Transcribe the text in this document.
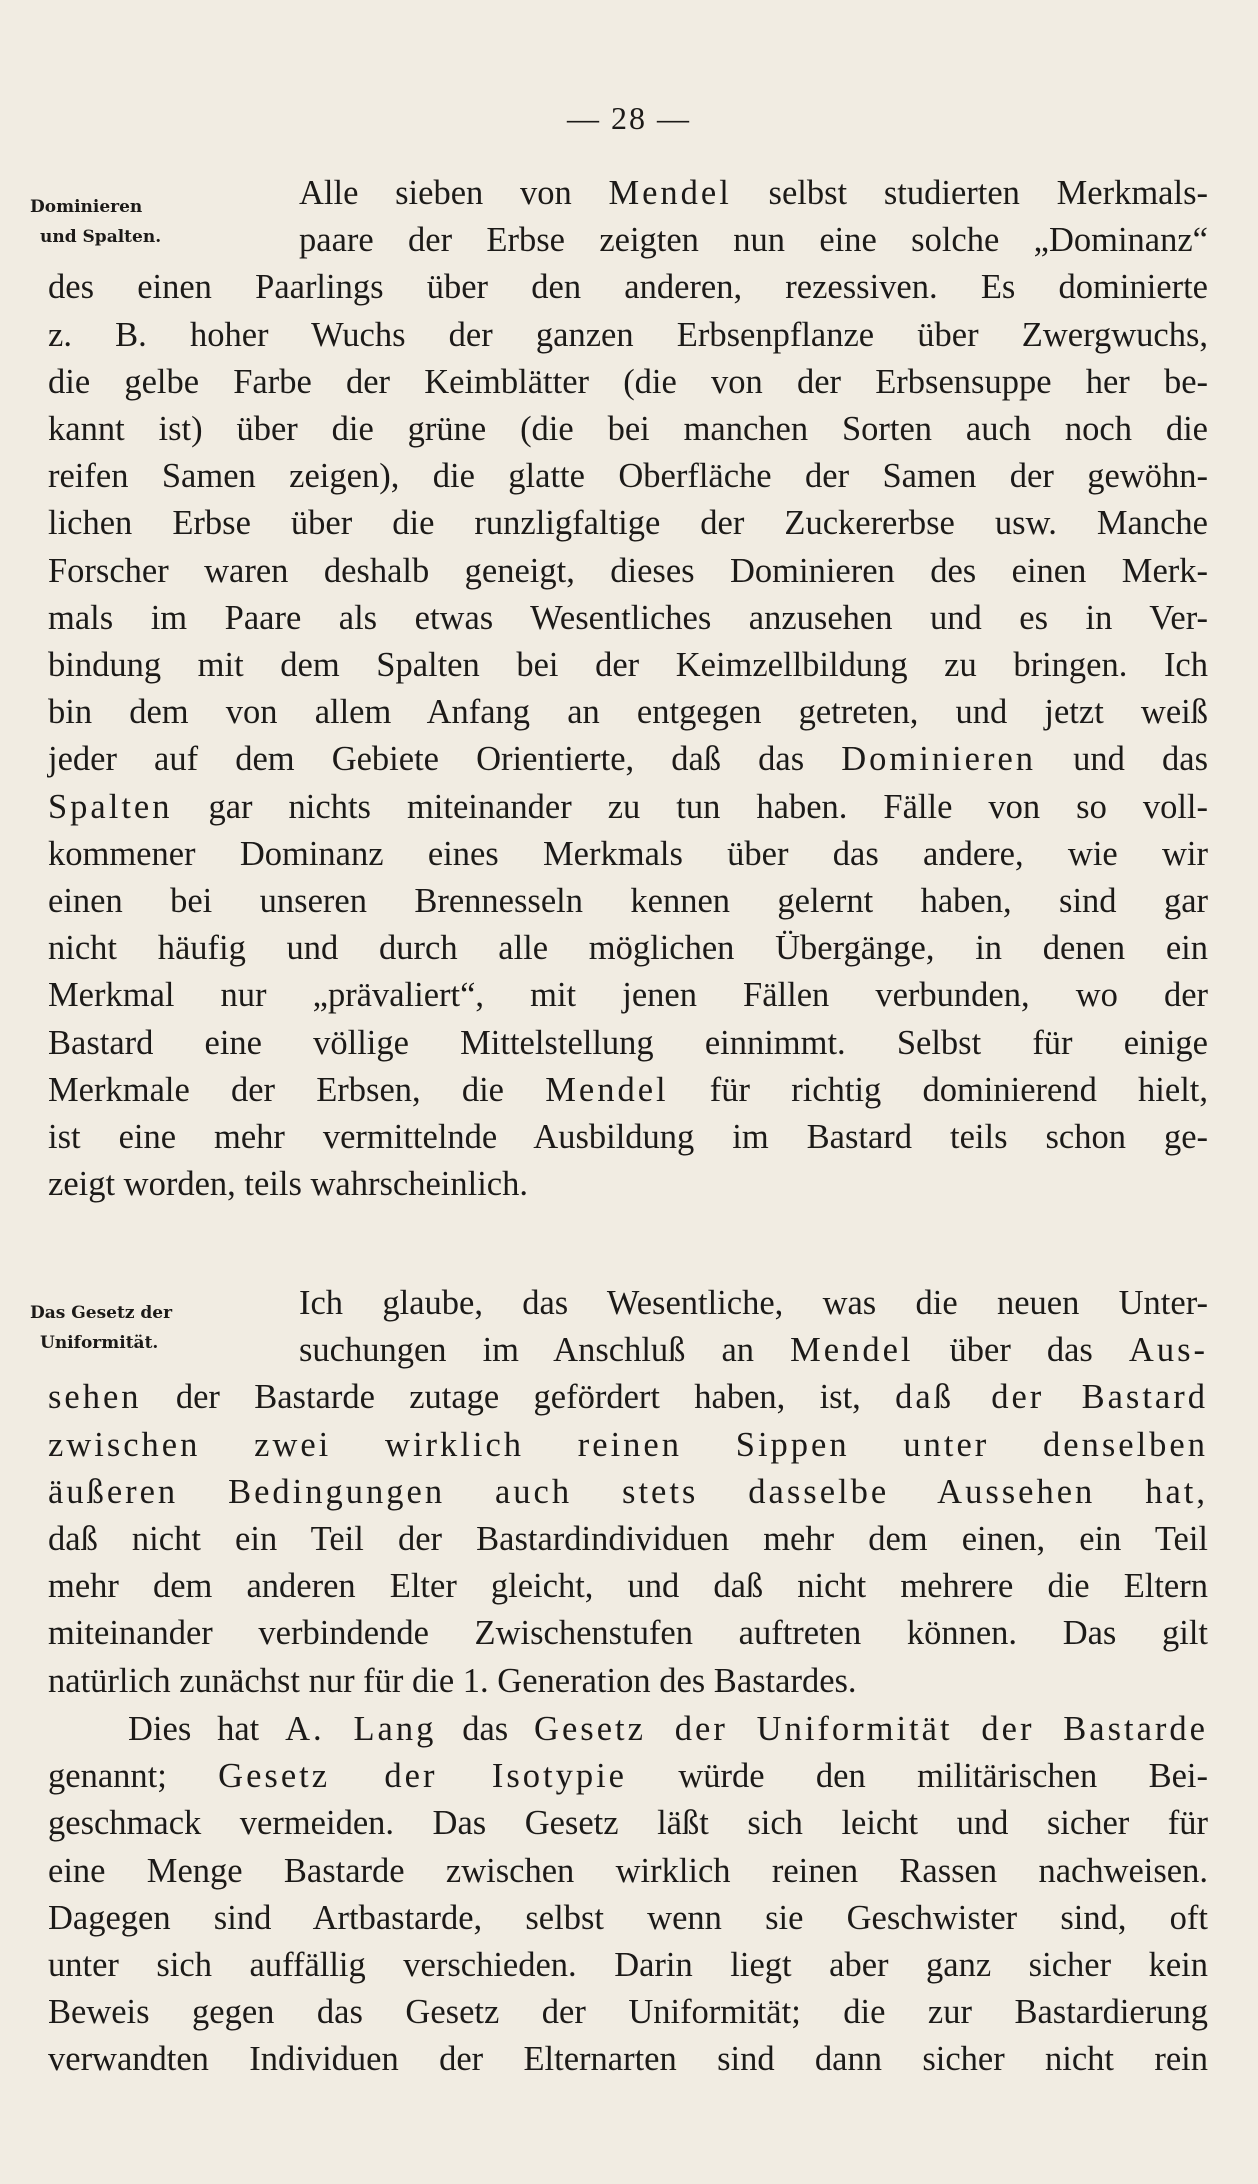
— 28 —
Dominieren
und Spalten.
Alle sieben von Mendel selbst studierten Merkmals-
paare der Erbse zeigten nun eine solche „Dominanz“
des einen Paarlings über den anderen, rezessiven. Es dominierte
z. B. hoher Wuchs der ganzen Erbsenpflanze über Zwergwuchs,
die gelbe Farbe der Keimblätter (die von der Erbsensuppe her be-
kannt ist) über die grüne (die bei manchen Sorten auch noch die
reifen Samen zeigen), die glatte Oberfläche der Samen der gewöhn-
lichen Erbse über die runzligfaltige der Zuckererbse usw. Manche
Forscher waren deshalb geneigt, dieses Dominieren des einen Merk-
mals im Paare als etwas Wesentliches anzusehen und es in Ver-
bindung mit dem Spalten bei der Keimzellbildung zu bringen. Ich
bin dem von allem Anfang an entgegen getreten, und jetzt weiß
jeder auf dem Gebiete Orientierte, daß das Dominieren und das
Spalten gar nichts miteinander zu tun haben. Fälle von so voll-
kommener Dominanz eines Merkmals über das andere, wie wir
einen bei unseren Brennesseln kennen gelernt haben, sind gar
nicht häufig und durch alle möglichen Übergänge, in denen ein
Merkmal nur „prävaliert“, mit jenen Fällen verbunden, wo der
Bastard eine völlige Mittelstellung einnimmt. Selbst für einige
Merkmale der Erbsen, die Mendel für richtig dominierend hielt,
ist eine mehr vermittelnde Ausbildung im Bastard teils schon ge-
zeigt worden, teils wahrscheinlich.
Das Gesetz der
Uniformität.
Ich glaube, das Wesentliche, was die neuen Unter-
suchungen im Anschluß an Mendel über das Aus-
sehen der Bastarde zutage gefördert haben, ist, daß der Bastard
zwischen zwei wirklich reinen Sippen unter denselben
äußeren Bedingungen auch stets dasselbe Aussehen hat,
daß nicht ein Teil der Bastardindividuen mehr dem einen, ein Teil
mehr dem anderen Elter gleicht, und daß nicht mehrere die Eltern
miteinander verbindende Zwischenstufen auftreten können. Das gilt
natürlich zunächst nur für die 1. Generation des Bastardes.
Dies hat A. Lang das Gesetz der Uniformität der Bastarde
genannt; Gesetz der Isotypie würde den militärischen Bei-
geschmack vermeiden. Das Gesetz läßt sich leicht und sicher für
eine Menge Bastarde zwischen wirklich reinen Rassen nachweisen.
Dagegen sind Artbastarde, selbst wenn sie Geschwister sind, oft
unter sich auffällig verschieden. Darin liegt aber ganz sicher kein
Beweis gegen das Gesetz der Uniformität; die zur Bastardierung
verwandten Individuen der Elternarten sind dann sicher nicht rein
